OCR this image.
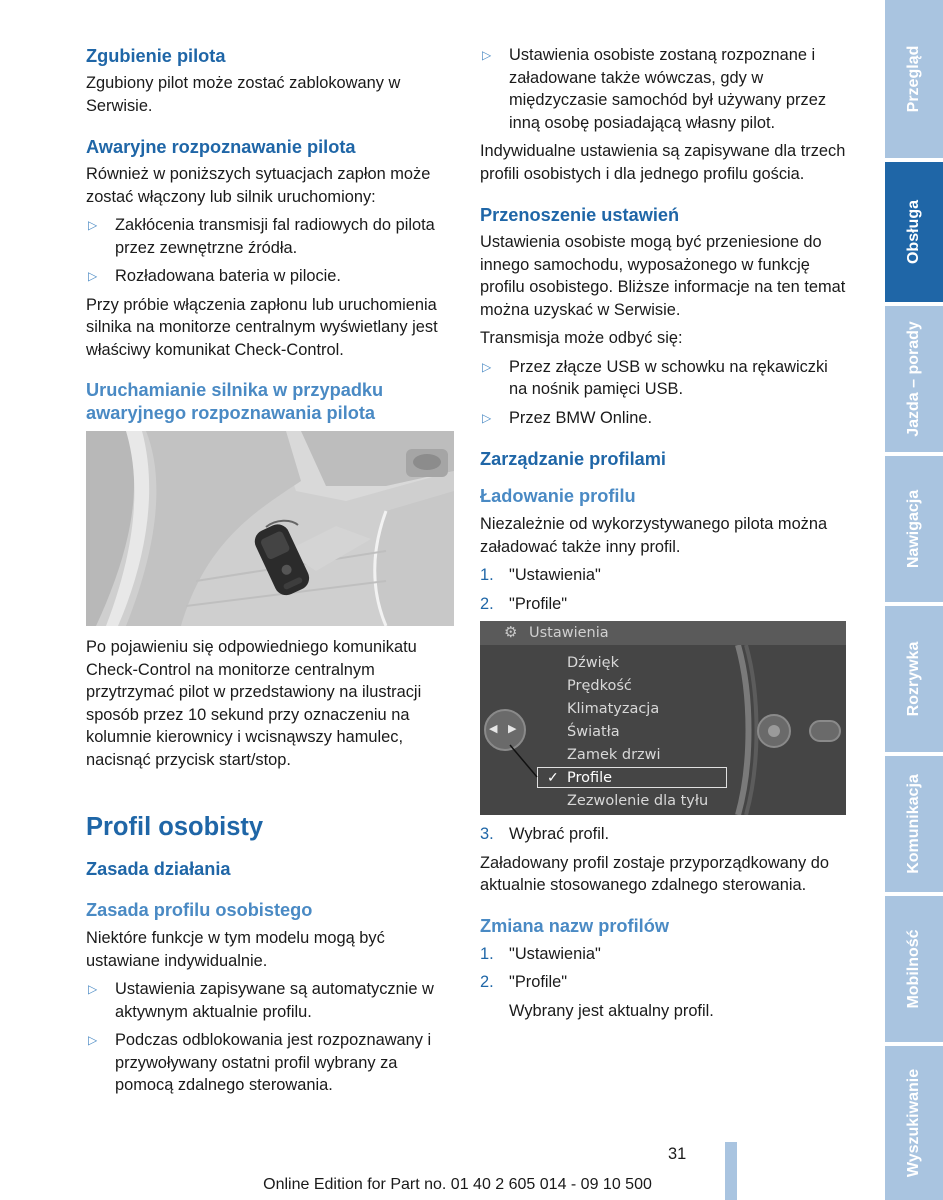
Zgubienie pilota
Zgubiony pilot może zostać zablokowany w Serwisie.
Awaryjne rozpoznawanie pilota
Również w poniższych sytuacjach zapłon może zostać włączony lub silnik uruchomiony:
▷	Zakłócenia transmisji fal radiowych do pilota przez zewnętrzne źródła.
▷	Rozładowana bateria w pilocie.
Przy próbie włączenia zapłonu lub uruchomienia silnika na monitorze centralnym wyświetlany jest właściwy komunikat Check-Control.
Uruchamianie silnika w przypadku awaryjnego rozpoznawania pilota
Po pojawieniu się odpowiedniego komunikatu Check-Control na monitorze centralnym przytrzymać pilot w przedstawiony na ilustracji sposób przez 10 sekund przy oznaczeniu na kolumnie kierownicy i wcisnąwszy hamulec, nacisnąć przycisk start/stop.
Profil osobisty
Zasada działania
Zasada profilu osobistego
Niektóre funkcje w tym modelu mogą być ustawiane indywidualnie.
▷	Ustawienia zapisywane są automatycznie w aktywnym aktualnie profilu.
▷	Podczas odblokowania jest rozpoznawany i przywoływany ostatni profil wybrany za pomocą zdalnego sterowania.
▷	Ustawienia osobiste zostaną rozpoznane i załadowane także wówczas, gdy w międzyczasie samochód był używany przez inną osobę posiadającą własny pilot.
Indywidualne ustawienia są zapisywane dla trzech profili osobistych i dla jednego profilu gościa.
Przenoszenie ustawień
Ustawienia osobiste mogą być przeniesione do innego samochodu, wyposażonego w funkcję profilu osobistego. Bliższe informacje na ten temat można uzyskać w Serwisie.
Transmisja może odbyć się:
▷	Przez złącze USB w schowku na rękawiczki na nośnik pamięci USB.
▷	Przez BMW Online.
Zarządzanie profilami
Ładowanie profilu
Niezależnie od wykorzystywanego pilota można załadować także inny profil.
1. "Ustawienia"
2. "Profile"
⚙ Ustawienia
Dźwięk
Prędkość
Klimatyzacja
Światła
Zamek drzwi
✓ Profile
Zezwolenie dla tyłu
◀ ▶
3. Wybrać profil.
Załadowany profil zostaje przyporządkowany do aktualnie stosowanego zdalnego sterowania.
Zmiana nazw profilów
1. "Ustawienia"
2. "Profile"
Wybrany jest aktualny profil.
Przegląd
Obsługa
Jazda – porady
Nawigacja
Rozrywka
Komunikacja
Mobilność
Wyszukiwanie
31
Online Edition for Part no. 01 40 2 605 014 - 09 10 500
